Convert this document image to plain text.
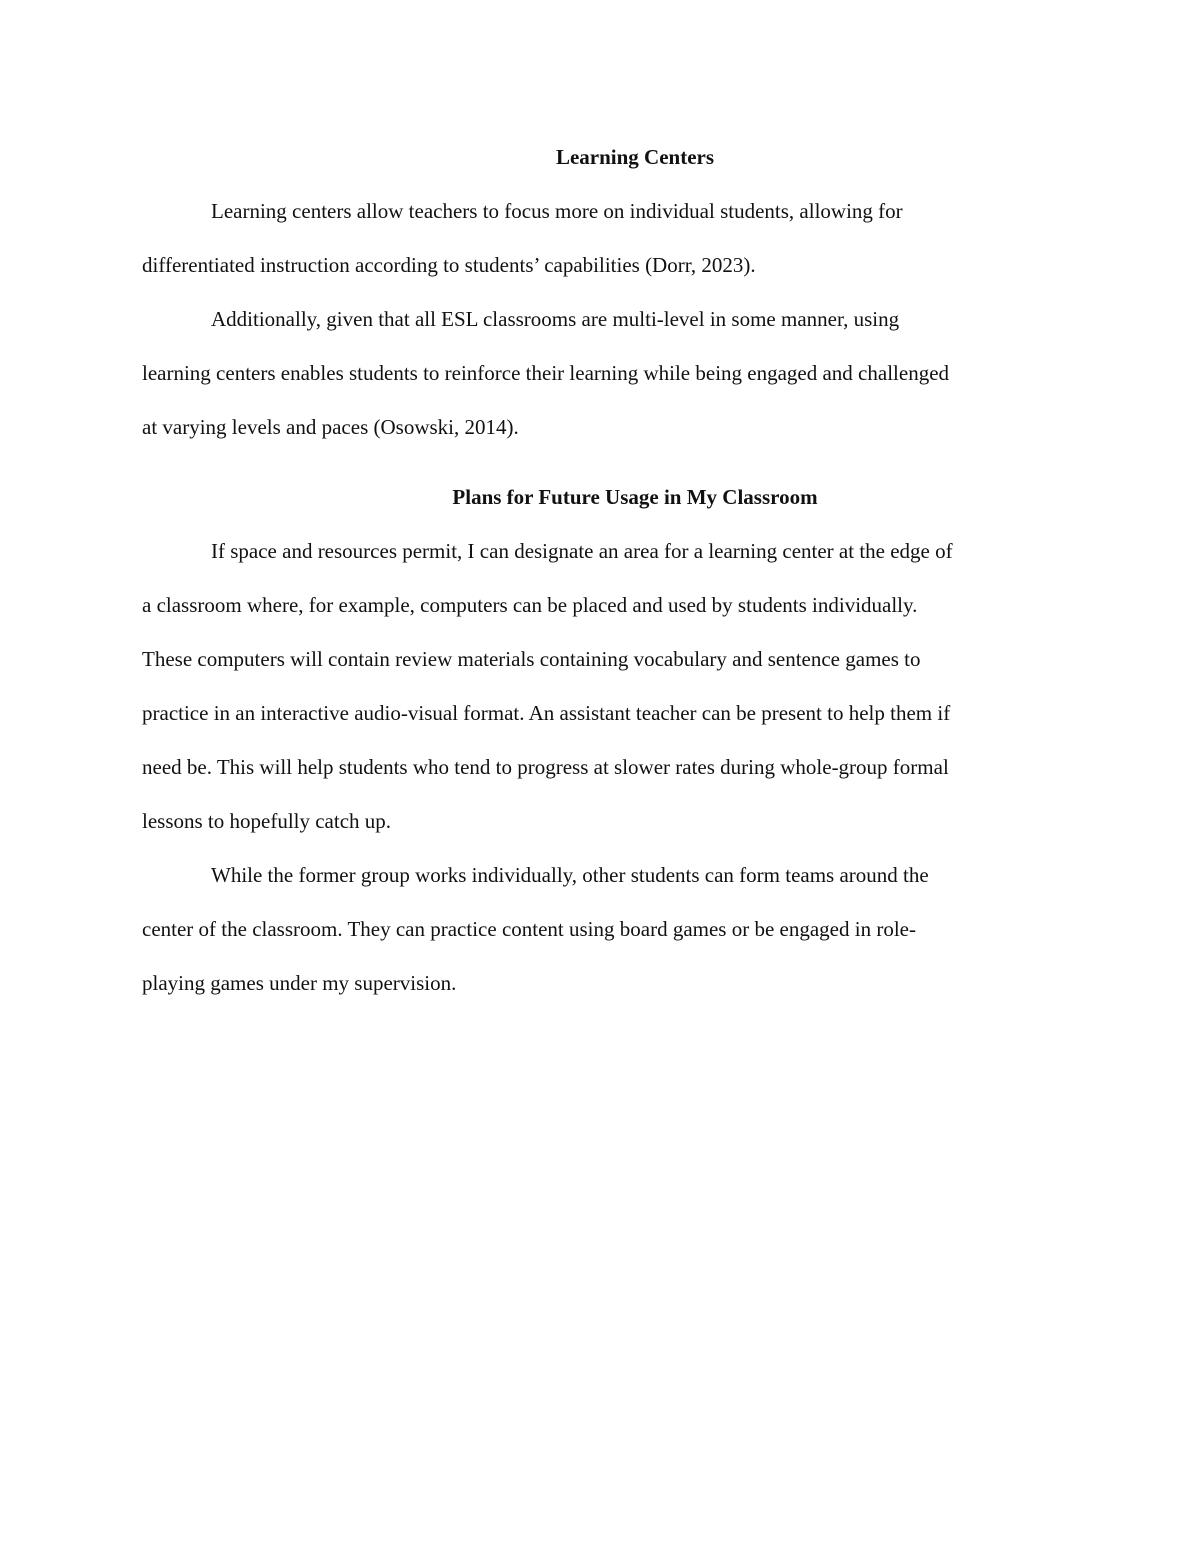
Learning Centers

Learning centers allow teachers to focus more on individual students, allowing for

differentiated instruction according to students’ capabilities (Dorr, 2023).

Additionally, given that all ESL classrooms are multi-level in some manner, using

learning centers enables students to reinforce their learning while being engaged and challenged

at varying levels and paces (Osowski, 2014).

Plans for Future Usage in My Classroom

If space and resources permit, I can designate an area for a learning center at the edge of

a classroom where, for example, computers can be placed and used by students individually.

These computers will contain review materials containing vocabulary and sentence games to

practice in an interactive audio-visual format. An assistant teacher can be present to help them if

need be. This will help students who tend to progress at slower rates during whole-group formal

lessons to hopefully catch up.

While the former group works individually, other students can form teams around the

center of the classroom. They can practice content using board games or be engaged in role-

playing games under my supervision.
